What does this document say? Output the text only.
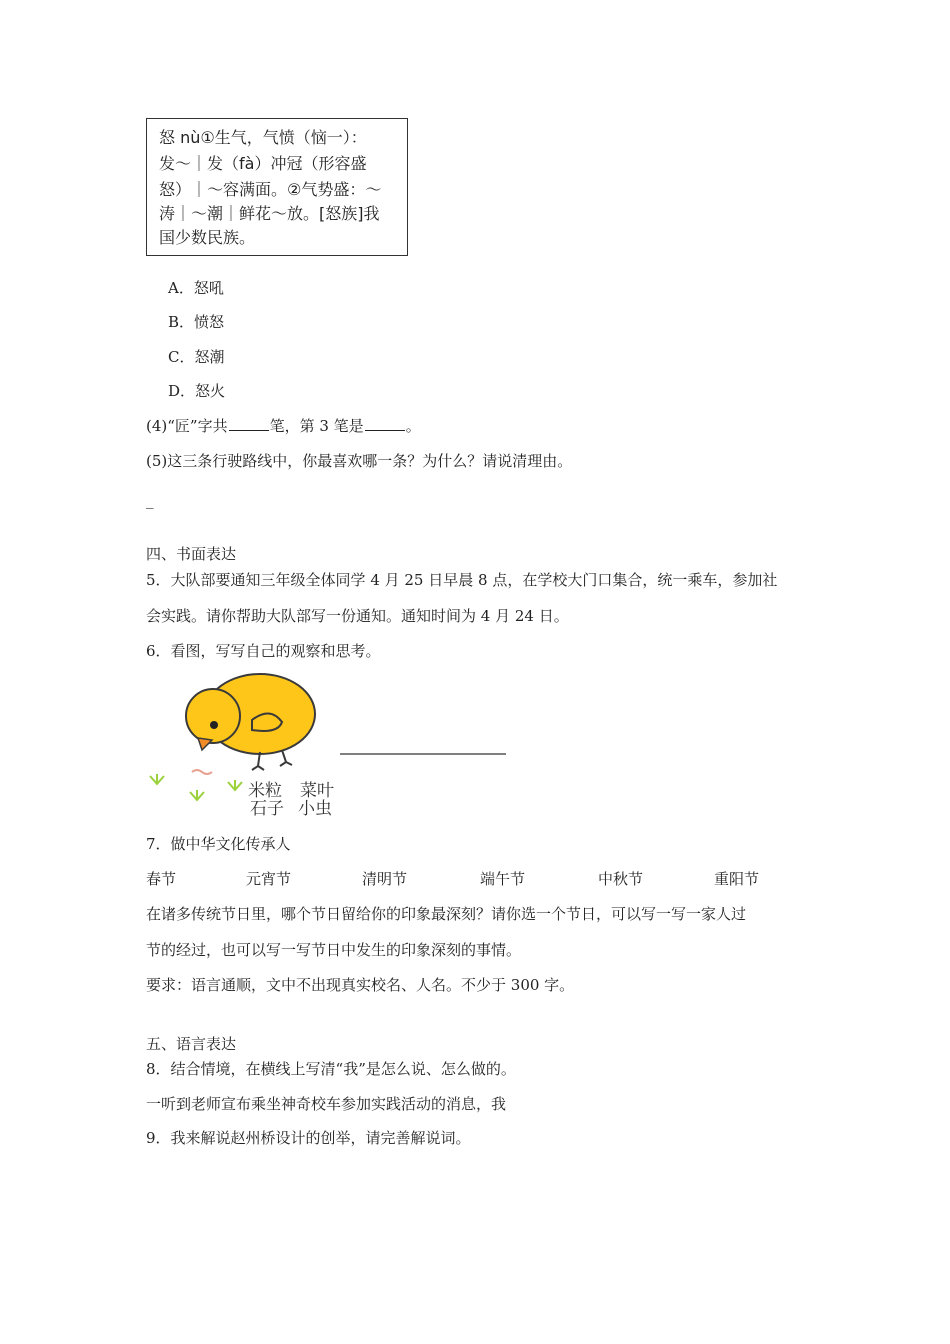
怒 nù①生气，气愤（恼一）：
发～｜发（fà）冲冠（形容盛
怒）｜～容满面。②气势盛：～
涛｜～潮｜鲜花～放。[怒族]我
国少数民族。
A．怒吼
B．愤怒
C．怒潮
D．怒火
(4)“匠”字共	笔，第 3 笔是	。
(5)这三条行驶路线中，你最喜欢哪一条？为什么？请说清理由。
_
四、书面表达
5．大队部要通知三年级全体同学 4 月 25 日早晨 8 点，在学校大门口集合，统一乘车，参加社
会实践。请你帮助大队部写一份通知。通知时间为 4 月 24 日。
6．看图，写写自己的观察和思考。
米粒 菜叶
石子 小虫
7．做中华文化传承人
春节	元宵节	清明节	端午节	中秋节	重阳节
在诸多传统节日里，哪个节日留给你的印象最深刻？请你选一个节日，可以写一写一家人过
节的经过，也可以写一写节日中发生的印象深刻的事情。
要求：语言通顺，文中不出现真实校名、人名。不少于 300 字。
五、语言表达
8．结合情境，在横线上写清“我”是怎么说、怎么做的。
一听到老师宣布乘坐神奇校车参加实践活动的消息，我
9．我来解说赵州桥设计的创举，请完善解说词。
